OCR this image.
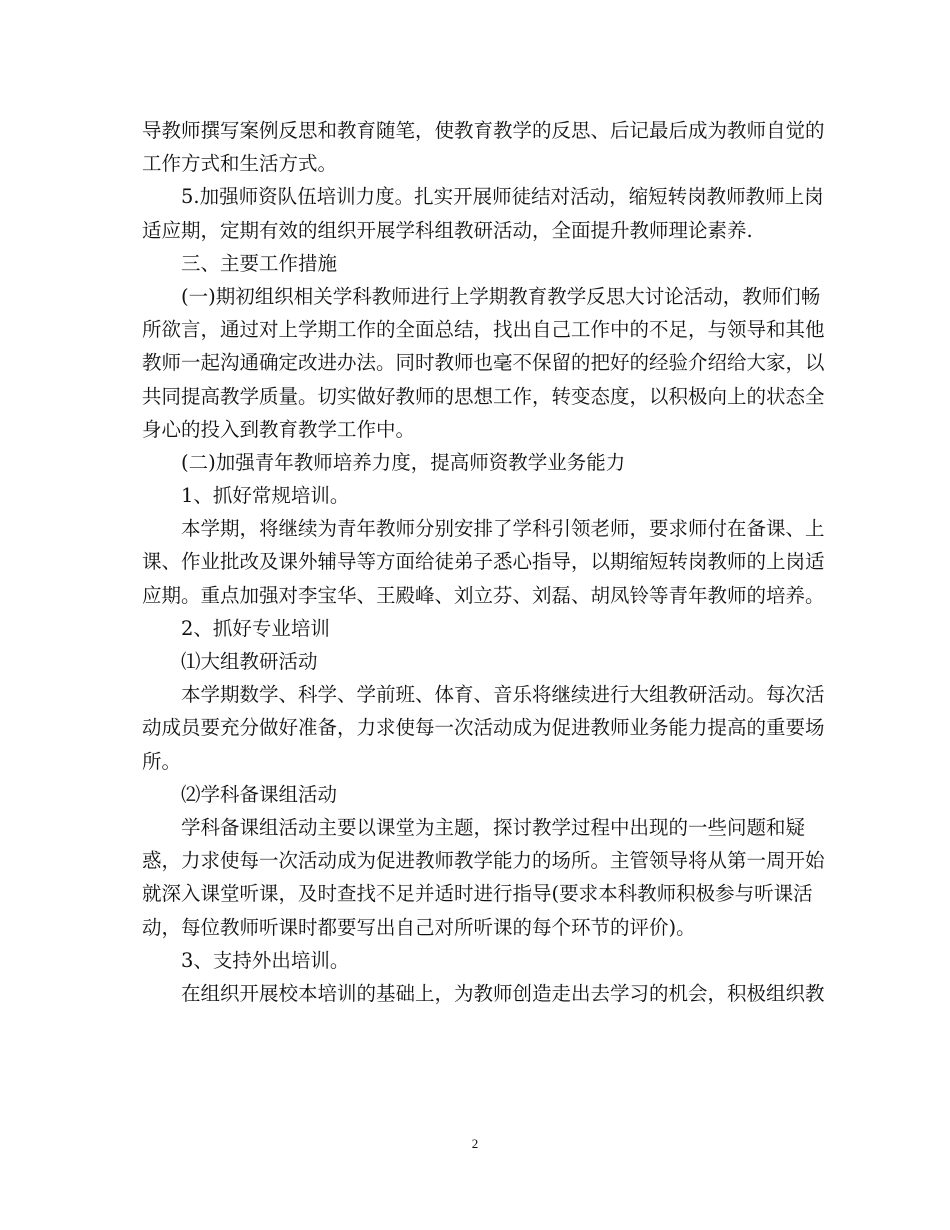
导教师撰写案例反思和教育随笔，使教育教学的反思、后记最后成为教师自觉的
工作方式和生活方式。
5.加强师资队伍培训力度。扎实开展师徒结对活动，缩短转岗教师教师上岗
适应期，定期有效的组织开展学科组教研活动，全面提升教师理论素养.
三、主要工作措施
(一)期初组织相关学科教师进行上学期教育教学反思大讨论活动，教师们畅
所欲言，通过对上学期工作的全面总结，找出自己工作中的不足，与领导和其他
教师一起沟通确定改进办法。同时教师也毫不保留的把好的经验介绍给大家，以
共同提高教学质量。切实做好教师的思想工作，转变态度，以积极向上的状态全
身心的投入到教育教学工作中。
(二)加强青年教师培养力度，提高师资教学业务能力
1、抓好常规培训。
本学期，将继续为青年教师分别安排了学科引领老师，要求师付在备课、上
课、作业批改及课外辅导等方面给徒弟子悉心指导，以期缩短转岗教师的上岗适
应期。重点加强对李宝华、王殿峰、刘立芬、刘磊、胡凤铃等青年教师的培养。
2、抓好专业培训
⑴大组教研活动
本学期数学、科学、学前班、体育、音乐将继续进行大组教研活动。每次活
动成员要充分做好准备，力求使每一次活动成为促进教师业务能力提高的重要场
所。
⑵学科备课组活动
学科备课组活动主要以课堂为主题，探讨教学过程中出现的一些问题和疑
惑，力求使每一次活动成为促进教师教学能力的场所。主管领导将从第一周开始
就深入课堂听课，及时查找不足并适时进行指导(要求本科教师积极参与听课活
动，每位教师听课时都要写出自己对所听课的每个环节的评价)。
3、支持外出培训。
在组织开展校本培训的基础上，为教师创造走出去学习的机会，积极组织教
2
